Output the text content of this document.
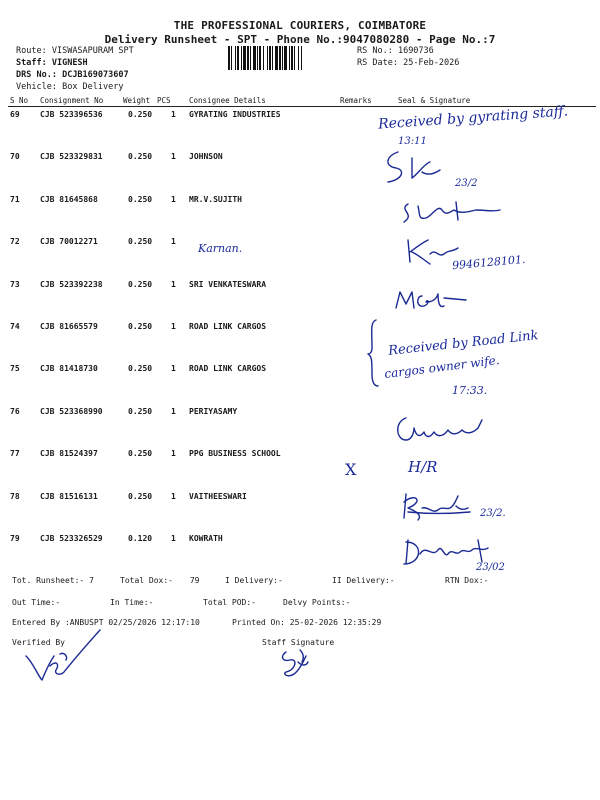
THE PROFESSIONAL COURIERS, COIMBATORE
Delivery Runsheet - SPT - Phone No.:9047080280 - Page No.:7
Route: VISWASAPURAM SPT
Staff: VIGNESH
DRS No.: DCJB169073607
Vehicle: Box Delivery
RS No.: 1690736
RS Date: 25-Feb-2026
S No Consignment No	Weight PCS Consignee Details	Remarks	Seal & Signature
69	CJB 523396536	0.250 1 GYRATING INDUSTRIES
70	CJB 523329831	0.250 1 JOHNSON
71	CJB 81645868	0.250 1 MR.V.SUJITH
72	CJB 70012271	0.250 1
73	CJB 523392238	0.250 1 SRI VENKATESWARA
74	CJB 81665579	0.250 1 ROAD LINK CARGOS
75	CJB 81418730	0.250 1 ROAD LINK CARGOS
76	CJB 523368990	0.250 1 PERIYASAMY
77	CJB 81524397	0.250 1 PPG BUSINESS SCHOOL
78	CJB 81516131	0.250 1 VAITHEESWARI
79	CJB 523326529	0.120 1 KOWRATH
Received by gyrating staff.
13:11
23/2
Karnan.
9946128101.
Received by Road Link
cargos owner wife.
17:33.
X	H/R
23/2.
23/02
Tot. Runsheet:- 7	Total Dox:- 79	I Delivery:-	II Delivery:-	RTN Dox:-
Out Time:-	In Time:-	Total POD:-	Delvy Points:-
Entered By :ANBUSPT 02/25/2026 12:17:10	Printed On: 25-02-2026 12:35:29
Verified By	Staff Signature
